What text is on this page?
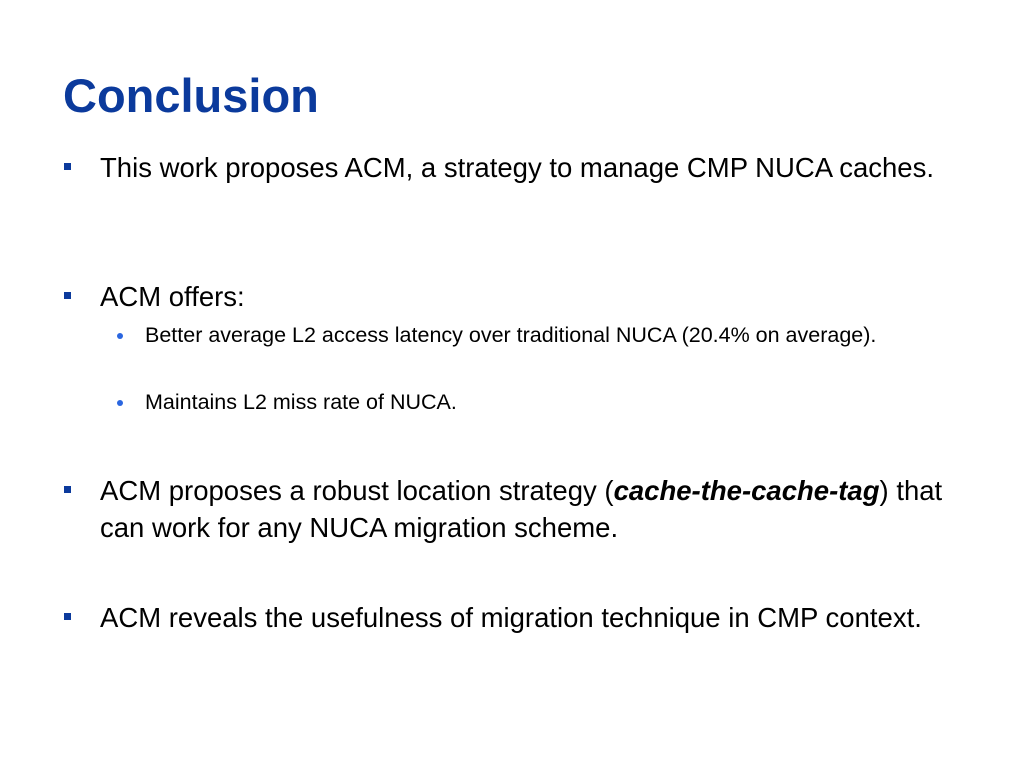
Conclusion
This work proposes ACM, a strategy to manage CMP NUCA caches.
ACM offers:
Better average L2 access latency over traditional NUCA (20.4% on average).
Maintains L2 miss rate of NUCA.
ACM proposes a robust location strategy (cache-the-cache-tag) that can work for any NUCA migration scheme.
ACM reveals the usefulness of migration technique in CMP context.
